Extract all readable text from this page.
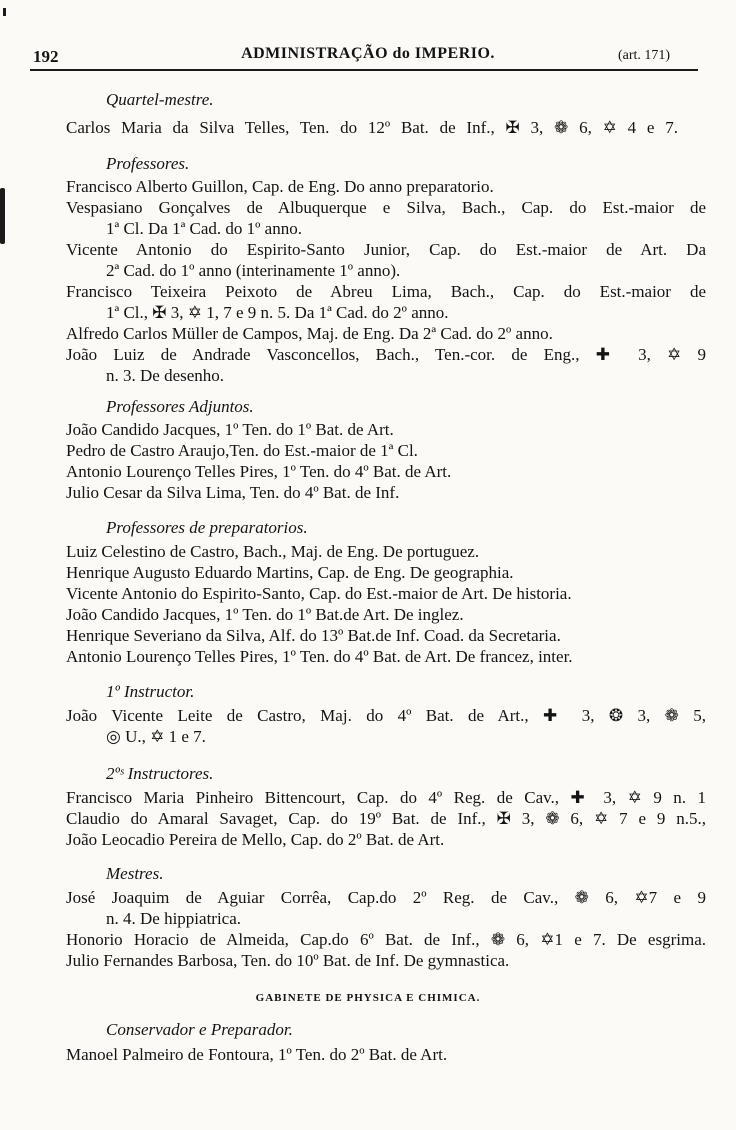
192	ADMINISTRAÇÃO do IMPERIO.	(art. 171)
Quartel-mestre.
Carlos Maria da Silva Telles, Ten. do 12º Bat. de Inf., ✠ 3, ❁ 6, ✡ 4 e 7.
Professores.
Francisco Alberto Guillon, Cap. de Eng. Do anno preparatorio.
Vespasiano Gonçalves de Albuquerque e Silva, Bach., Cap. do Est.-maior de
1ª Cl. Da 1ª Cad. do 1º anno.
Vicente Antonio do Espirito-Santo Junior, Cap. do Est.-maior de Art. Da
2ª Cad. do 1º anno (interinamente 1º anno).
Francisco Teixeira Peixoto de Abreu Lima, Bach., Cap. do Est.-maior de
1ª Cl., ✠ 3, ✡ 1, 7 e 9 n. 5. Da 1ª Cad. do 2º anno.
Alfredo Carlos Müller de Campos, Maj. de Eng. Da 2ª Cad. do 2º anno.
João Luiz de Andrade Vasconcellos, Bach., Ten.-cor. de Eng., ✚ 3, ✡ 9
n. 3. De desenho.
Professores Adjuntos.
João Candido Jacques, 1º Ten. do 1º Bat. de Art.
Pedro de Castro Araujo,Ten. do Est.-maior de 1ª Cl.
Antonio Lourenço Telles Pires, 1º Ten. do 4º Bat. de Art.
Julio Cesar da Silva Lima, Ten. do 4º Bat. de Inf.
Professores de preparatorios.
Luiz Celestino de Castro, Bach., Maj. de Eng. De portuguez.
Henrique Augusto Eduardo Martins, Cap. de Eng. De geographia.
Vicente Antonio do Espirito-Santo, Cap. do Est.-maior de Art. De historia.
João Candido Jacques, 1º Ten. do 1º Bat.de Art. De inglez.
Henrique Severiano da Silva, Alf. do 13º Bat.de Inf. Coad. da Secretaria.
Antonio Lourenço Telles Pires, 1º Ten. do 4º Bat. de Art. De francez, inter.
1º Instructor.
João Vicente Leite de Castro, Maj. do 4º Bat. de Art., ✚ 3, ❂ 3, ❁ 5,
◎ U., ✡ 1 e 7.
2ºˢ Instructores.
Francisco Maria Pinheiro Bittencourt, Cap. do 4º Reg. de Cav., ✚ 3, ✡ 9 n. 1
Claudio do Amaral Savaget, Cap. do 19º Bat. de Inf., ✠ 3, ❁ 6, ✡ 7 e 9 n.5.,
João Leocadio Pereira de Mello, Cap. do 2º Bat. de Art.
Mestres.
José Joaquim de Aguiar Corrêa, Cap.do 2º Reg. de Cav., ❁ 6, ✡7 e 9
n. 4. De hippiatrica.
Honorio Horacio de Almeida, Cap.do 6º Bat. de Inf., ❁ 6, ✡1 e 7. De esgrima.
Julio Fernandes Barbosa, Ten. do 10º Bat. de Inf. De gymnastica.
GABINETE DE PHYSICA E CHIMICA.
Conservador e Preparador.
Manoel Palmeiro de Fontoura, 1º Ten. do 2º Bat. de Art.
